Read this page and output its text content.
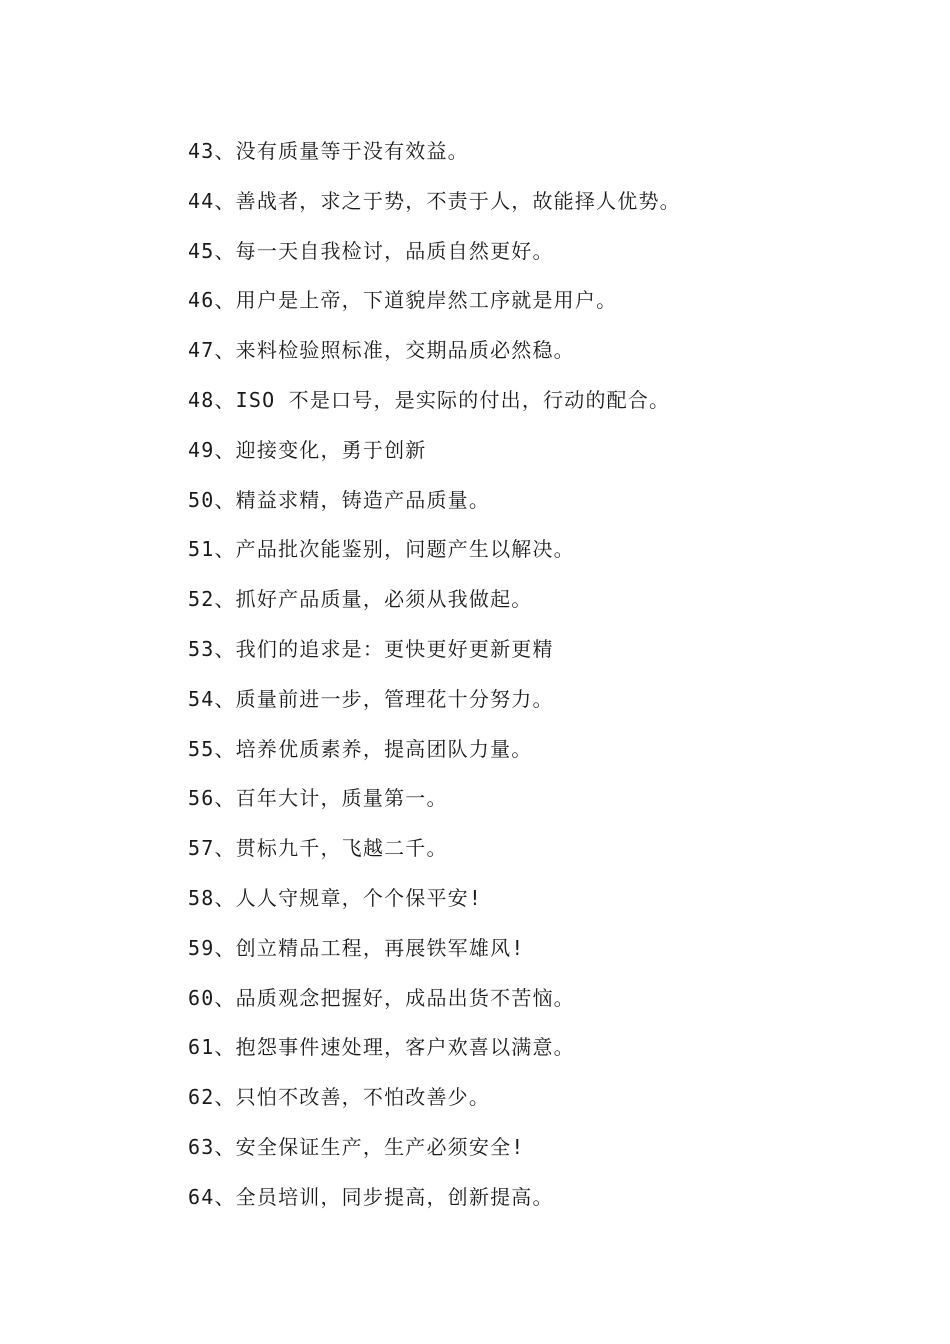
43、没有质量等于没有效益。
44、善战者，求之于势，不责于人，故能择人优势。
45、每一天自我检讨，品质自然更好。
46、用户是上帝，下道貌岸然工序就是用户。
47、来料检验照标准，交期品质必然稳。
48、ISO 不是口号，是实际的付出，行动的配合。
49、迎接变化，勇于创新
50、精益求精，铸造产品质量。
51、产品批次能鉴别，问题产生以解决。
52、抓好产品质量，必须从我做起。
53、我们的追求是：更快更好更新更精
54、质量前进一步，管理花十分努力。
55、培养优质素养，提高团队力量。
56、百年大计，质量第一。
57、贯标九千，飞越二千。
58、人人守规章，个个保平安!
59、创立精品工程，再展铁军雄风!
60、品质观念把握好，成品出货不苦恼。
61、抱怨事件速处理，客户欢喜以满意。
62、只怕不改善，不怕改善少。
63、安全保证生产，生产必须安全!
64、全员培训，同步提高，创新提高。
